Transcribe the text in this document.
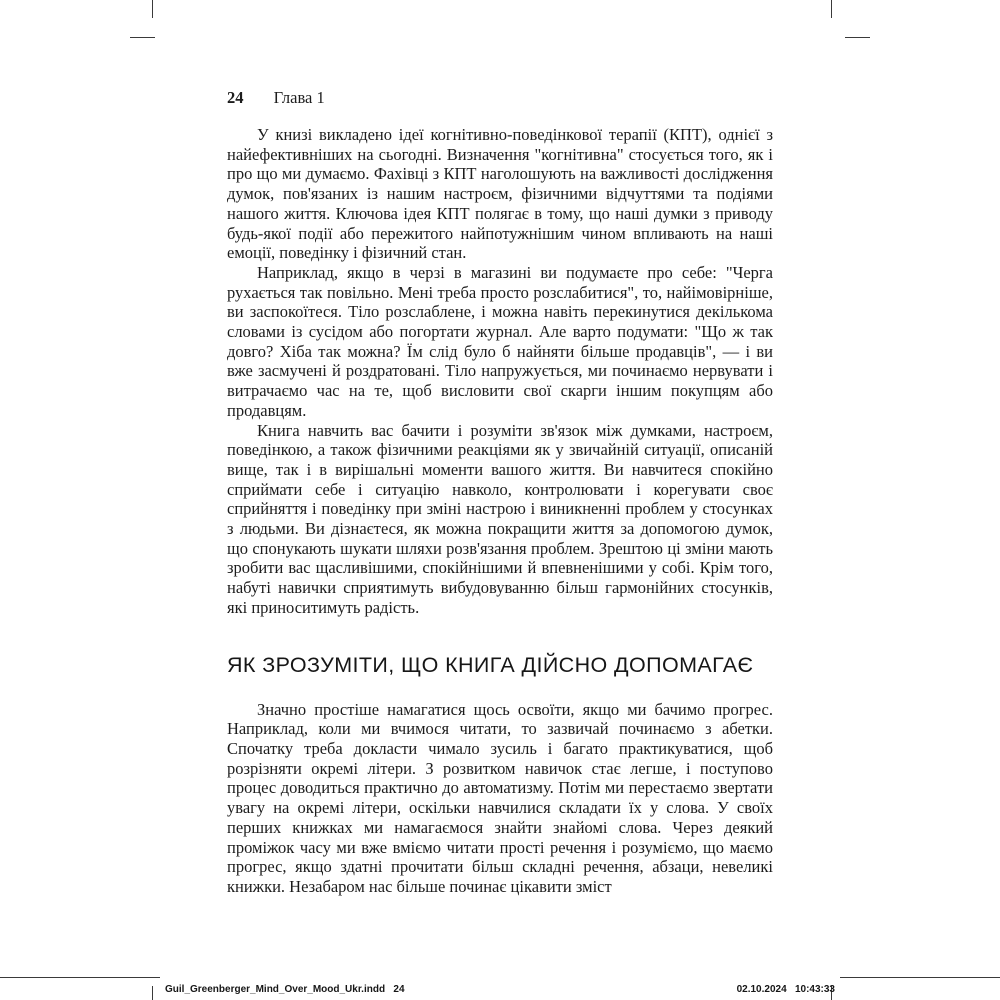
24 Глава 1

У книзі викладено ідеї когнітивно-поведінкової терапії (КПТ), однієї з найефективніших на сьогодні. Визначення "когнітивна" стосується того, як і про що ми думаємо. Фахівці з КПТ наголошують на важливості дослідження думок, пов'язаних із нашим настроєм, фізичними відчуттями та подіями нашого життя. Ключова ідея КПТ полягає в тому, що наші думки з приводу будь-якої події або пережитого найпотужнішим чином впливають на наші емоції, поведінку і фізичний стан.

Наприклад, якщо в черзі в магазині ви подумаєте про себе: "Черга рухається так повільно. Мені треба просто розслабитися", то, найімовірніше, ви заспокоїтеся. Тіло розслаблене, і можна навіть перекинутися декількома словами із сусідом або погортати журнал. Але варто подумати: "Що ж так довго? Хіба так можна? Їм слід було б найняти більше продавців", — і ви вже засмучені й роздратовані. Тіло напружується, ми починаємо нервувати і витрачаємо час на те, щоб висловити свої скарги іншим покупцям або продавцям.

Книга навчить вас бачити і розуміти зв'язок між думками, настроєм, поведінкою, а також фізичними реакціями як у звичайній ситуації, описаній вище, так і в вирішальні моменти вашого життя. Ви навчитеся спокійно сприймати себе і ситуацію навколо, контролювати і корегувати своє сприйняття і поведінку при зміні настрою і виникненні проблем у стосунках з людьми. Ви дізнаєтеся, як можна покращити життя за допомогою думок, що спонукають шукати шляхи розв'язання проблем. Зрештою ці зміни мають зробити вас щасливішими, спокійнішими й впевненішими у собі. Крім того, набуті навички сприятимуть вибудовуванню більш гармонійних стосунків, які приноситимуть радість.

ЯК ЗРОЗУМІТИ, ЩО КНИГА ДІЙСНО ДОПОМАГАЄ

Значно простіше намагатися щось освоїти, якщо ми бачимо прогрес. Наприклад, коли ми вчимося читати, то зазвичай починаємо з абетки. Спочатку треба докласти чимало зусиль і багато практикуватися, щоб розрізняти окремі літери. З розвитком навичок стає легше, і поступово процес доводиться практично до автоматизму. Потім ми перестаємо звертати увагу на окремі літери, оскільки навчилися складати їх у слова. У своїх перших книжках ми намагаємося знайти знайомі слова. Через деякий проміжок часу ми вже вміємо читати прості речення і розуміємо, що маємо прогрес, якщо здатні прочитати більш складні речення, абзаци, невеликі книжки. Незабаром нас більше починає цікавити зміст

Guil_Greenberger_Mind_Over_Mood_Ukr.indd   24	02.10.2024   10:43:33
